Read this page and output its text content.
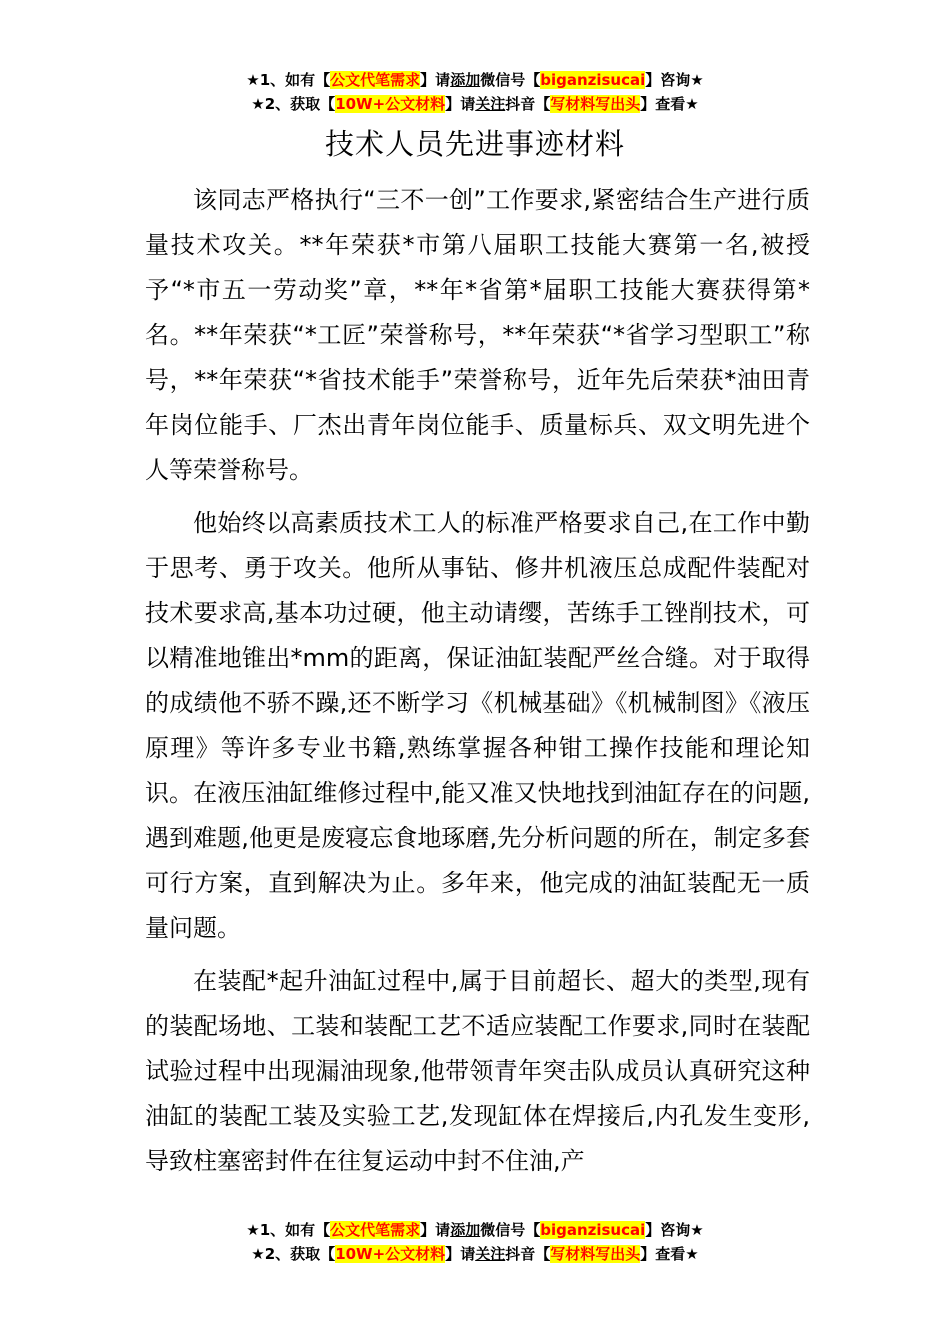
★1、如有【公文代笔需求】请添加微信号【biganzisucai】咨询★
★2、获取【10W+公文材料】请关注抖音【写材料写出头】查看★
技术人员先进事迹材料

该同志严格执行“三不一创”工作要求,紧密结合生产进行质量技术攻关。**年荣获*市第八届职工技能大赛第一名,被授予“*市五一劳动奖”章，**年*省第*届职工技能大赛获得第*名。**年荣获“*工匠”荣誉称号，**年荣获“*省学习型职工”称号，**年荣获“*省技术能手”荣誉称号，近年先后荣获*油田青年岗位能手、厂杰出青年岗位能手、质量标兵、双文明先进个人等荣誉称号。

他始终以高素质技术工人的标准严格要求自己,在工作中勤于思考、勇于攻关。他所从事钻、修井机液压总成配件装配对技术要求高,基本功过硬，他主动请缨，苦练手工锉削技术，可以精准地锥出*mm的距离，保证油缸装配严丝合缝。对于取得的成绩他不骄不躁,还不断学习《机械基础》《机械制图》《液压原理》等许多专业书籍,熟练掌握各种钳工操作技能和理论知识。在液压油缸维修过程中,能又准又快地找到油缸存在的问题,遇到难题,他更是废寝忘食地琢磨,先分析问题的所在，制定多套可行方案，直到解决为止。多年来，他完成的油缸装配无一质量问题。

在装配*起升油缸过程中,属于目前超长、超大的类型,现有的装配场地、工装和装配工艺不适应装配工作要求,同时在装配试验过程中出现漏油现象,他带领青年突击队成员认真研究这种油缸的装配工装及实验工艺,发现缸体在焊接后,内孔发生变形,导致柱塞密封件在往复运动中封不住油,产

★1、如有【公文代笔需求】请添加微信号【biganzisucai】咨询★
★2、获取【10W+公文材料】请关注抖音【写材料写出头】查看★
